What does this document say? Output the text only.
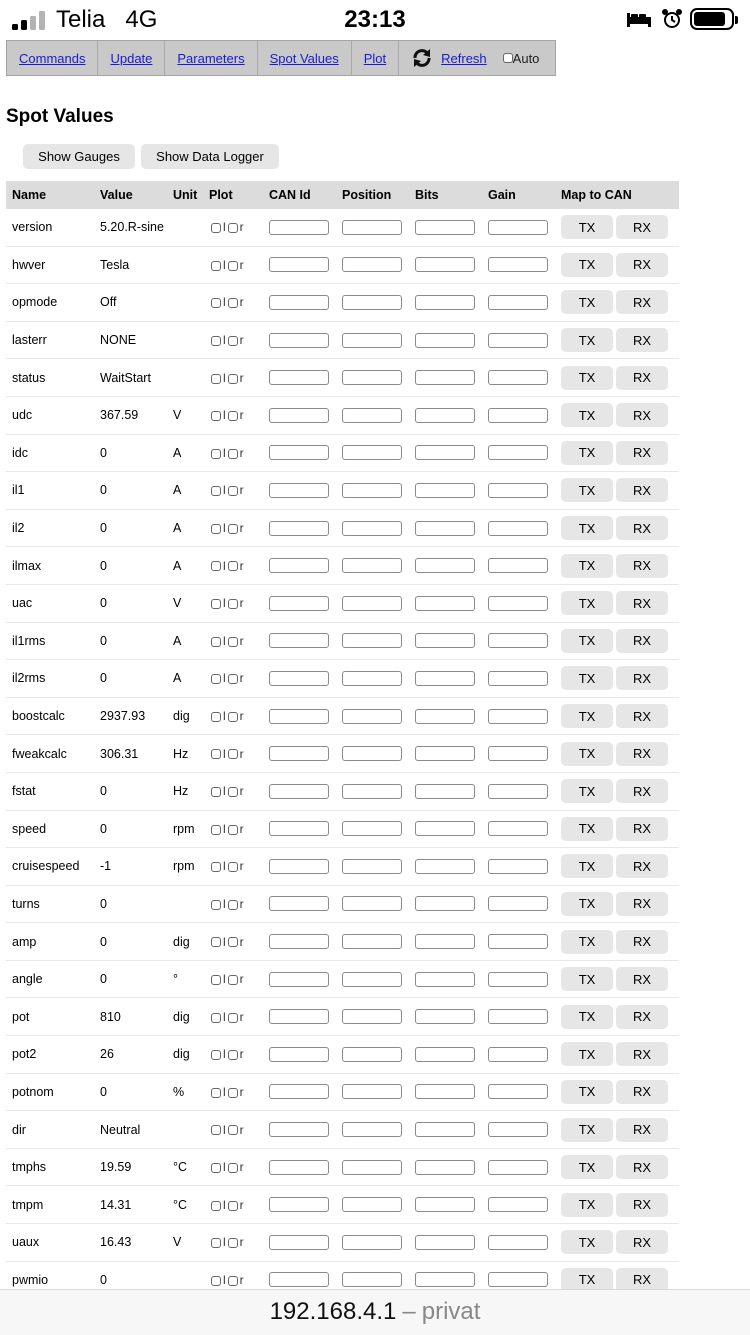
Telia 4G	23:13
Commands Update Parameters Spot Values Plot	Refresh Auto
Spot Values
Show Gauges	Show Data Logger
Name	Value	Unit	Plot	CAN Id	Position	Bits	Gain	Map to CAN
version	5.20.R-sine		l r					TX RX
hwver	Tesla		l r					TX RX
opmode	Off		l r					TX RX
lasterr	NONE		l r					TX RX
status	WaitStart		l r					TX RX
udc	367.59	V	l r					TX RX
idc	0	A	l r					TX RX
il1	0	A	l r					TX RX
il2	0	A	l r					TX RX
ilmax	0	A	l r					TX RX
uac	0	V	l r					TX RX
il1rms	0	A	l r					TX RX
il2rms	0	A	l r					TX RX
boostcalc	2937.93	dig	l r					TX RX
fweakcalc	306.31	Hz	l r					TX RX
fstat	0	Hz	l r					TX RX
speed	0	rpm	l r					TX RX
cruisespeed	-1	rpm	l r					TX RX
turns	0		l r					TX RX
amp	0	dig	l r					TX RX
angle	0	°	l r					TX RX
pot	810	dig	l r					TX RX
pot2	26	dig	l r					TX RX
potnom	0	%	l r					TX RX
dir	Neutral		l r					TX RX
tmphs	19.59	°C	l r					TX RX
tmpm	14.31	°C	l r					TX RX
uaux	16.43	V	l r					TX RX
pwmio	0		l r					TX RX
192.168.4.1 – privat
